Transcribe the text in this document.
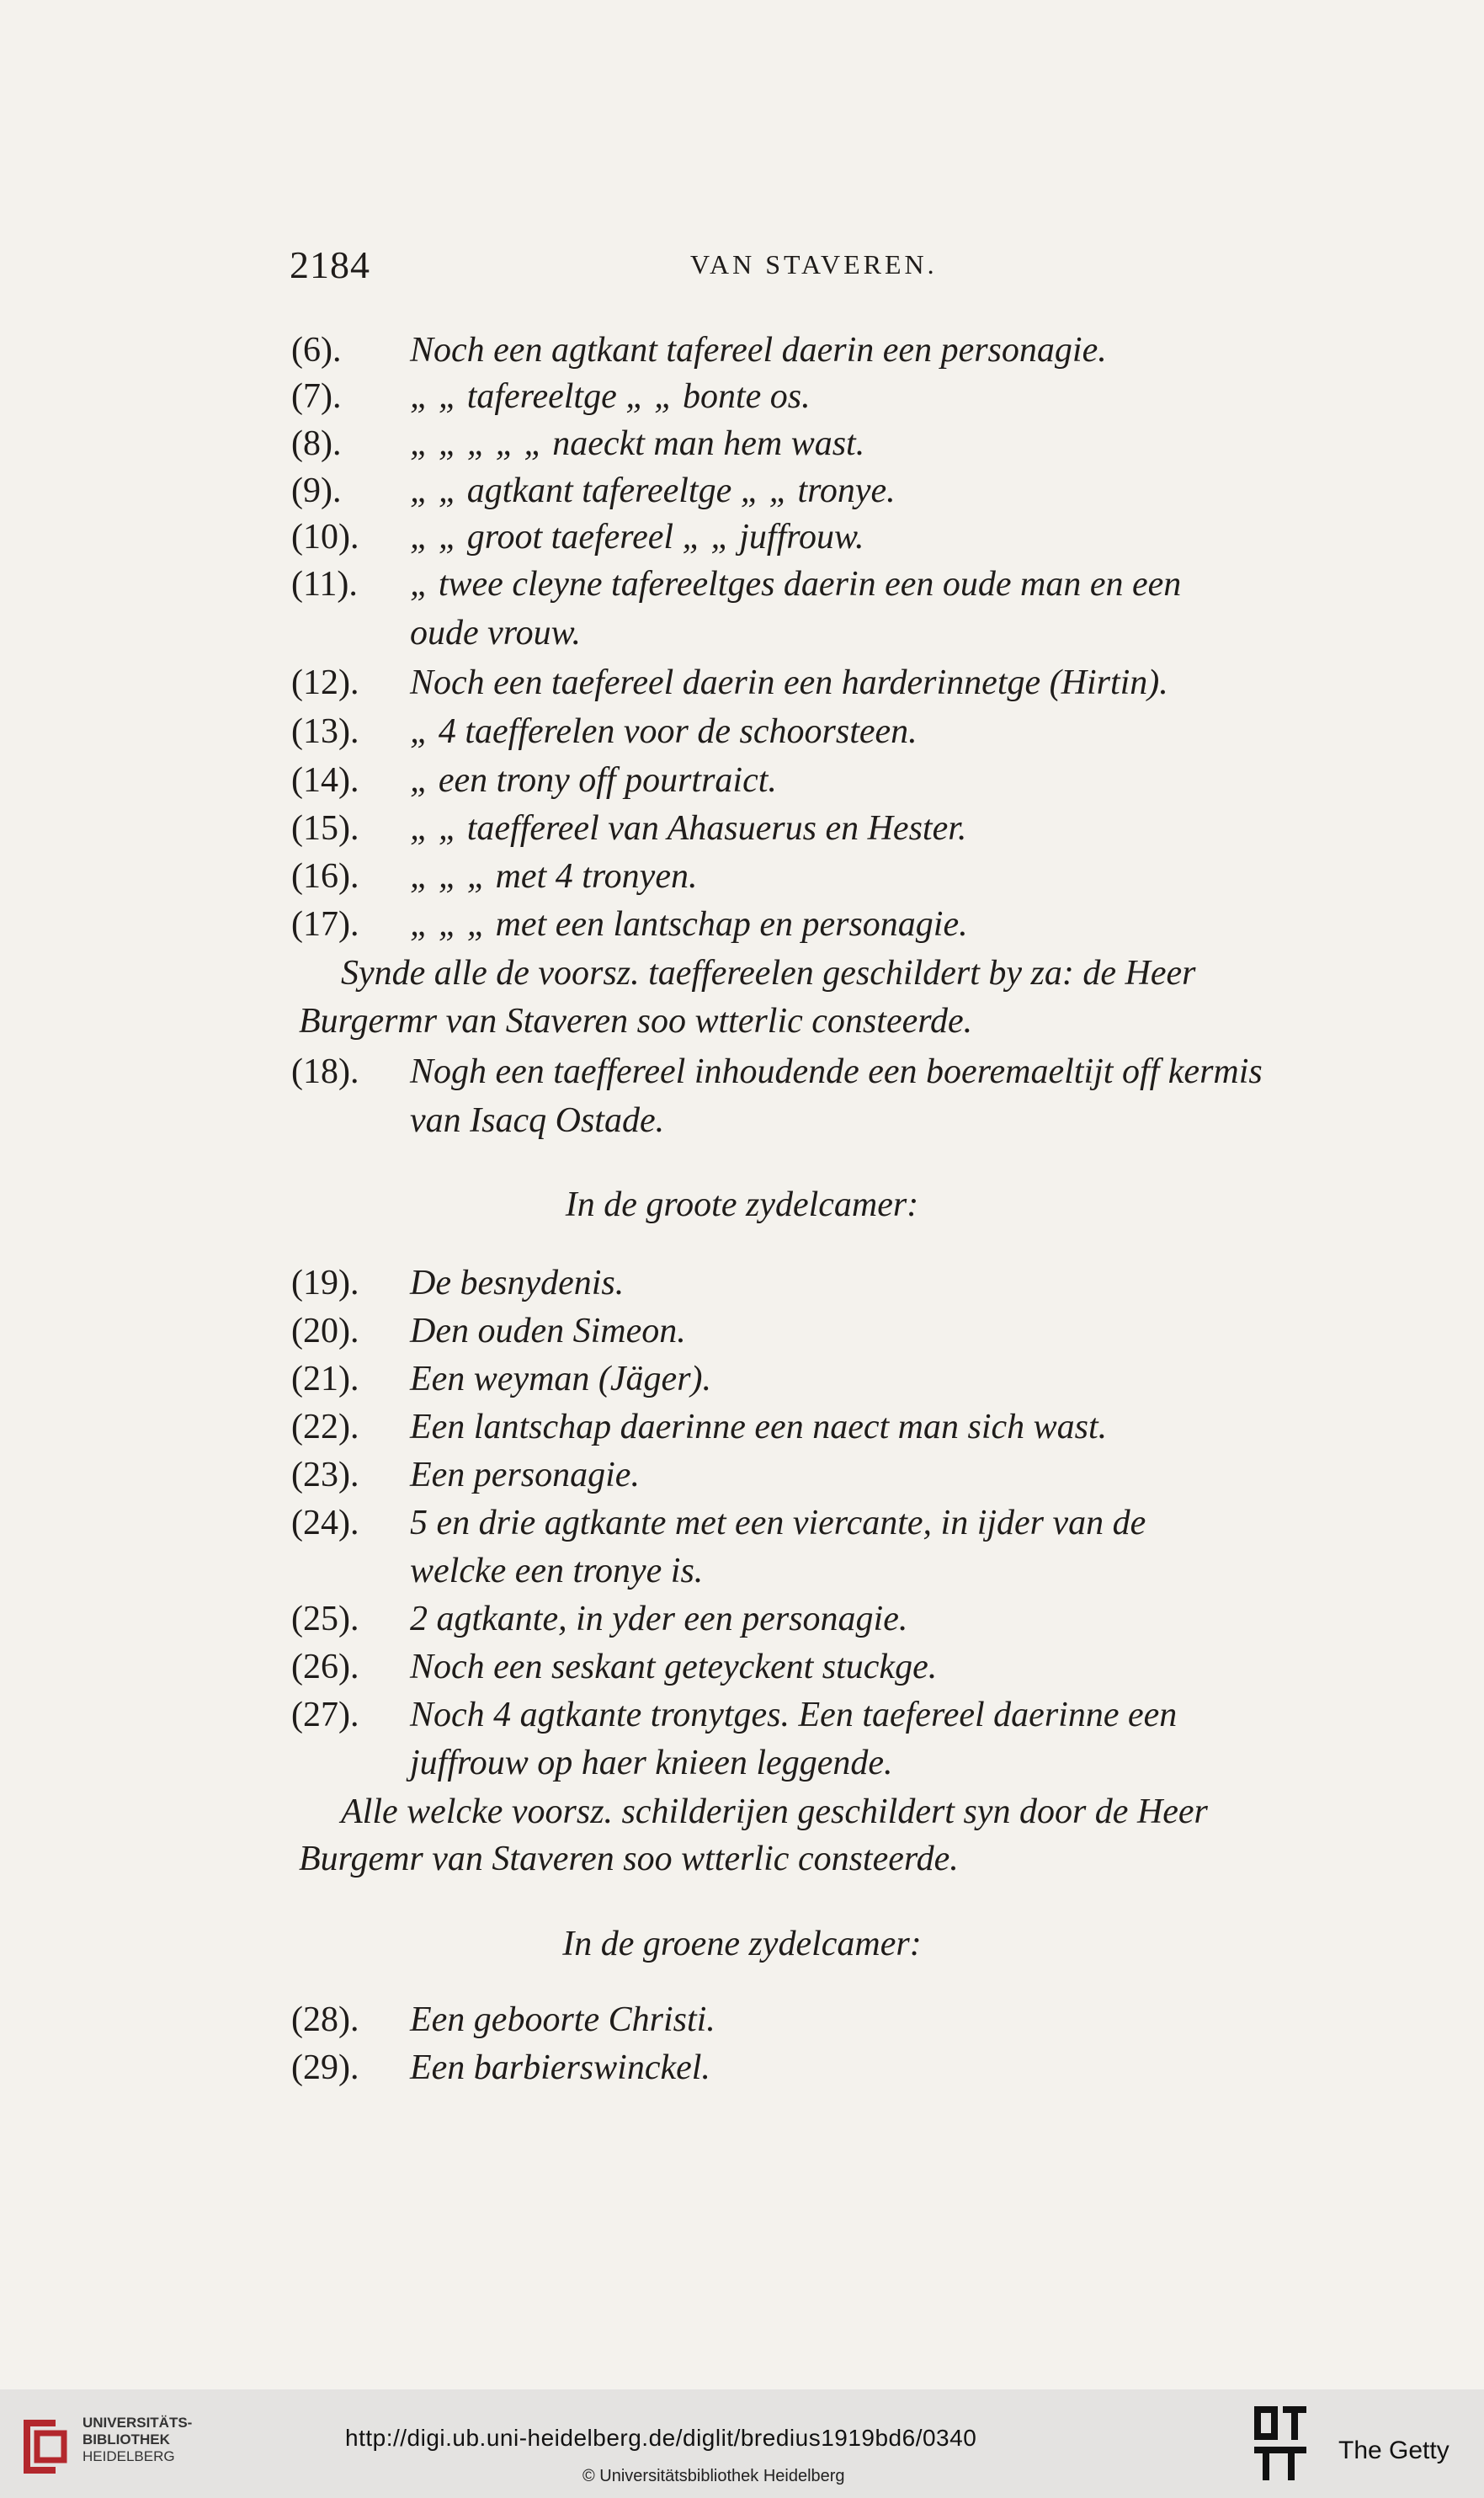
2184	VAN STAVEREN.
(6). Noch een agtkant tafereel daerin een personagie.
(7). „ „ tafereeltge „ „ bonte os.
(8). „ „ „ „ „ naeckt man hem wast.
(9). „ „ agtkant tafereeltge „ „ tronye.
(10). „ „ groot taefereel „ „ juffrouw.
(11). „ twee cleyne tafereeltges daerin een oude man en een
oude vrouw.
(12). Noch een taefereel daerin een harderinnetge (Hirtin).
(13). „ 4 taefferelen voor de schoorsteen.
(14). „ een trony off pourtraict.
(15). „ „ taeffereel van Ahasuerus en Hester.
(16). „ „ „ met 4 tronyen.
(17). „ „ „ met een lantschap en personagie.
Synde alle de voorsz. taeffereelen geschildert by za: de Heer
Burgermr van Staveren soo wtterlic consteerde.
(18). Nogh een taeffereel inhoudende een boeremaeltijt off kermis
van Isacq Ostade.
In de groote zydelcamer:
(19). De besnydenis.
(20). Den ouden Simeon.
(21). Een weyman (Jäger).
(22). Een lantschap daerinne een naect man sich wast.
(23). Een personagie.
(24). 5 en drie agtkante met een viercante, in ijder van de
welcke een tronye is.
(25). 2 agtkante, in yder een personagie.
(26). Noch een seskant geteyckent stuckge.
(27). Noch 4 agtkante tronytges. Een taefereel daerinne een
juffrouw op haer knieen leggende.
Alle welcke voorsz. schilderijen geschildert syn door de Heer
Burgemr van Staveren soo wtterlic consteerde.
In de groene zydelcamer:
(28). Een geboorte Christi.
(29). Een barbierswinckel.
UNIVERSITÄTS-
BIBLIOTHEK
HEIDELBERG
http://digi.ub.uni-heidelberg.de/diglit/bredius1919bd6/0340
© Universitätsbibliothek Heidelberg
The Getty
